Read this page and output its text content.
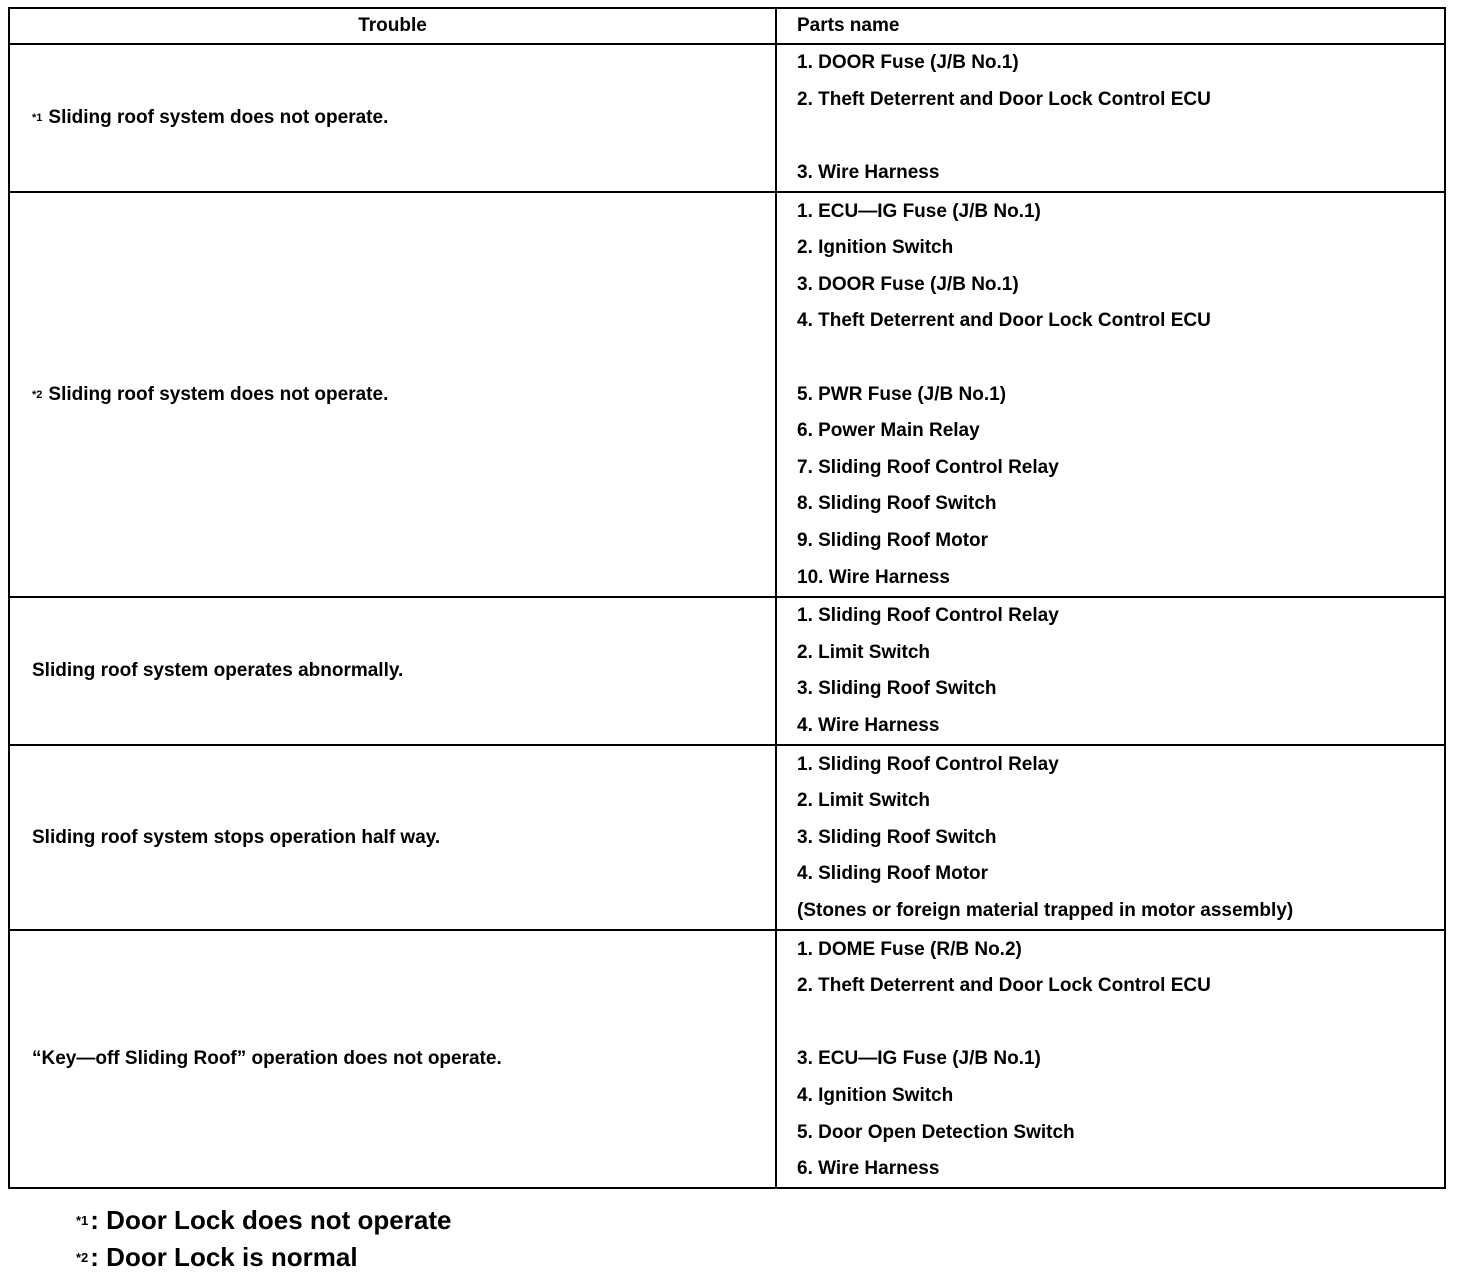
Trouble	Parts name
*1 Sliding roof system does not operate.
1. DOOR Fuse (J/B No.1)
2. Theft Deterrent and Door Lock Control ECU
3. Wire Harness
*2 Sliding roof system does not operate.
1. ECU—IG Fuse (J/B No.1)
2. Ignition Switch
3. DOOR Fuse (J/B No.1)
4. Theft Deterrent and Door Lock Control ECU
5. PWR Fuse (J/B No.1)
6. Power Main Relay
7. Sliding Roof Control Relay
8. Sliding Roof Switch
9. Sliding Roof Motor
10. Wire Harness
Sliding roof system operates abnormally.
1. Sliding Roof Control Relay
2. Limit Switch
3. Sliding Roof Switch
4. Wire Harness
Sliding roof system stops operation half way.
1. Sliding Roof Control Relay
2. Limit Switch
3. Sliding Roof Switch
4. Sliding Roof Motor
(Stones or foreign material trapped in motor assembly)
“Key—off Sliding Roof” operation does not operate.
1. DOME Fuse (R/B No.2)
2. Theft Deterrent and Door Lock Control ECU
3. ECU—IG Fuse (J/B No.1)
4. Ignition Switch
5. Door Open Detection Switch
6. Wire Harness
*1 : Door Lock does not operate
*2 : Door Lock is normal
